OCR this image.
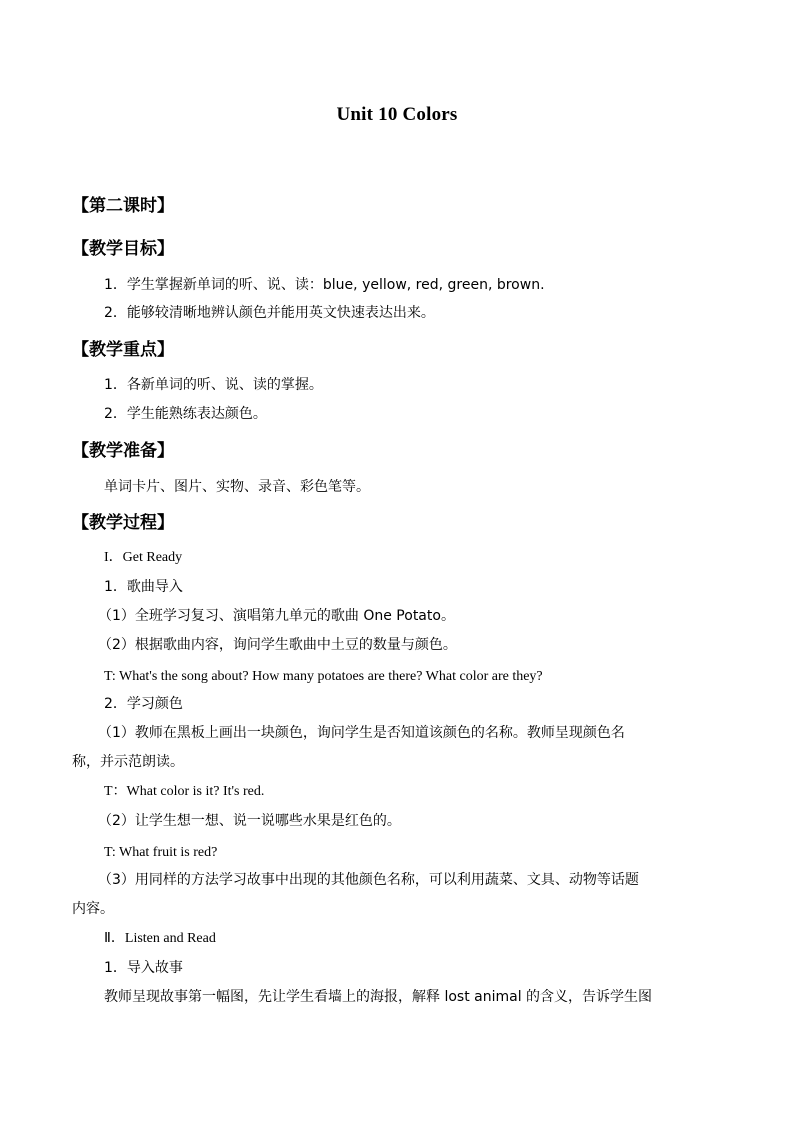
Unit 10 Colors
【第二课时】
【教学目标】
1．学生掌握新单词的听、说、读：blue, yellow, red, green, brown.
2．能够较清晰地辨认颜色并能用英文快速表达出来。
【教学重点】
1．各新单词的听、说、读的掌握。
2．学生能熟练表达颜色。
【教学准备】
单词卡片、图片、实物、录音、彩色笔等。
【教学过程】
I．Get Ready
1．歌曲导入
（1）全班学习复习、演唱第九单元的歌曲 One Potato。
（2）根据歌曲内容，询问学生歌曲中土豆的数量与颜色。
T: What's the song about? How many potatoes are there? What color are they?
2．学习颜色
（1）教师在黑板上画出一块颜色，询问学生是否知道该颜色的名称。教师呈现颜色名
称，并示范朗读。
T：What color is it? It's red.
（2）让学生想一想、说一说哪些水果是红色的。
T: What fruit is red?
（3）用同样的方法学习故事中出现的其他颜色名称，可以利用蔬菜、文具、动物等话题
内容。
Ⅱ．Listen and Read
1．导入故事
教师呈现故事第一幅图，先让学生看墙上的海报，解释 lost animal 的含义，告诉学生图
